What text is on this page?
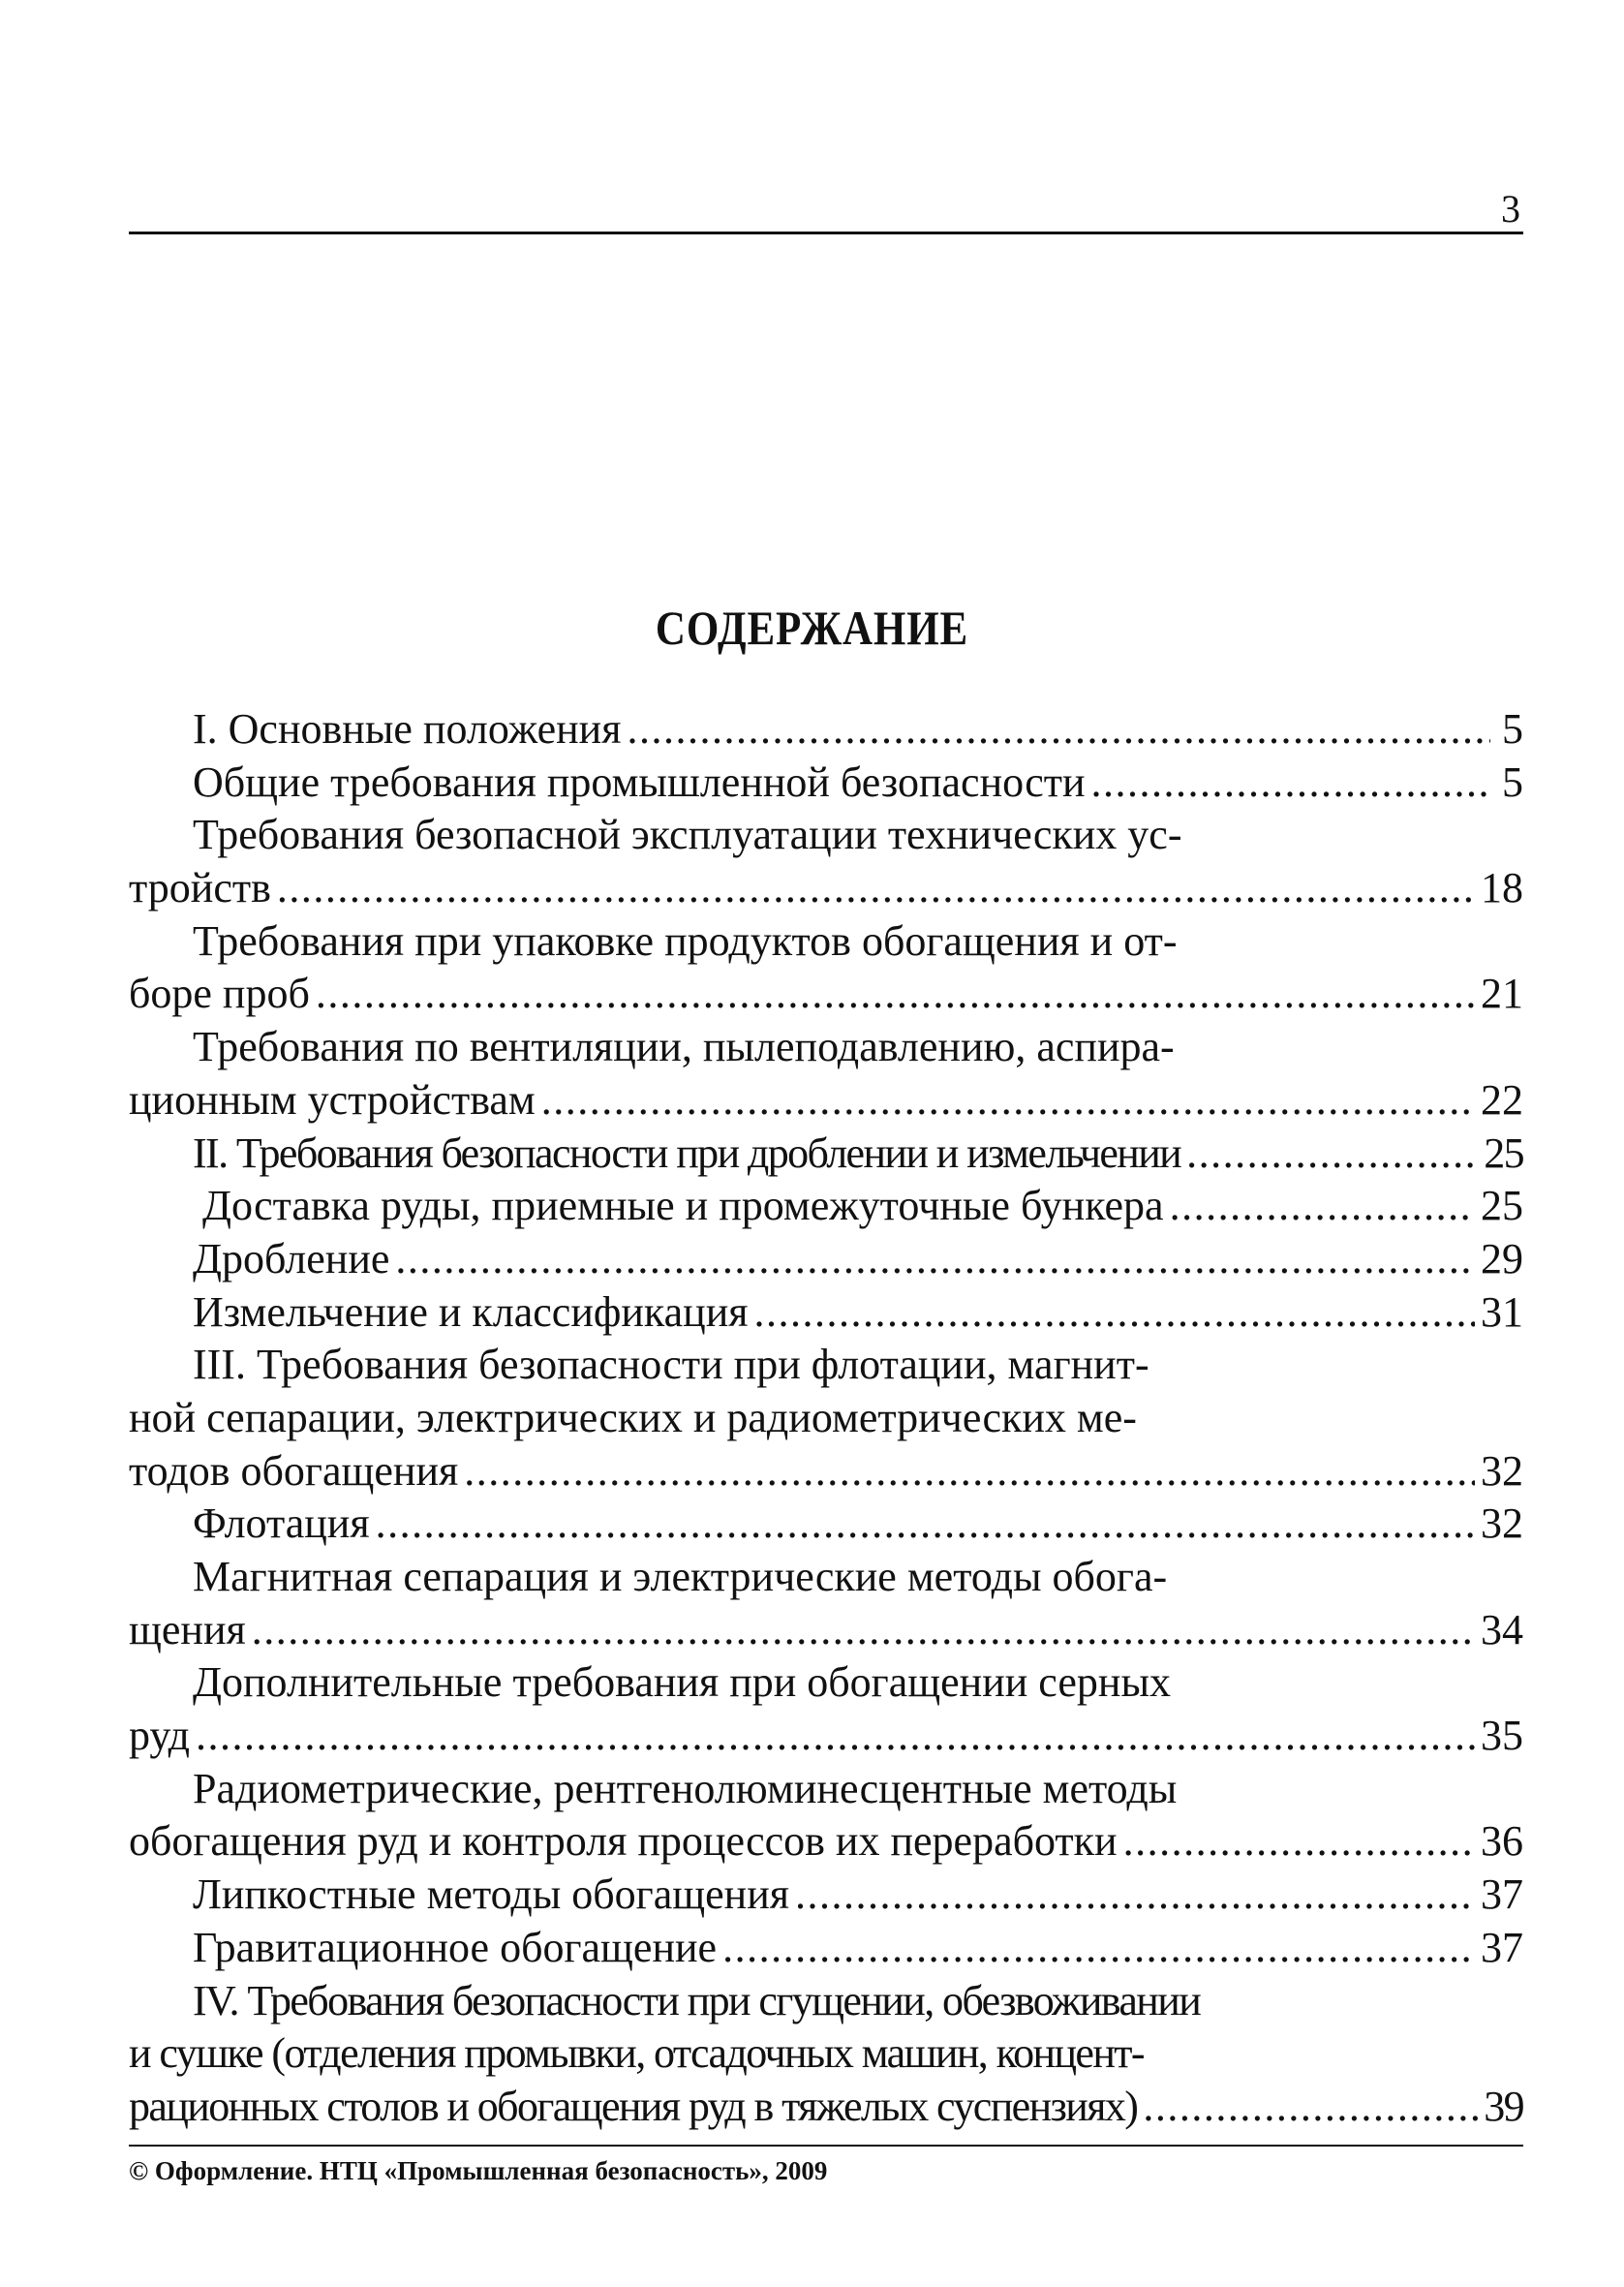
3
СОДЕРЖАНИЕ
I. Основные положения .....	5
Общие требования промышленной безопасности .....	5
Требования безопасной эксплуатации технических ус-
тройств .....	18
Требования при упаковке продуктов обогащения и от-
боре проб .....	21
Требования по вентиляции, пылеподавлению, аспира-
ционным устройствам .....	22
II. Требования безопасности при дроблении и измельчении .....	25
Доставка руды, приемные и промежуточные бункера .....	25
Дробление .....	29
Измельчение и классификация .....	31
III. Требования безопасности при флотации, магнит-
ной сепарации, электрических и радиометрических ме-
тодов обогащения .....	32
Флотация .....	32
Магнитная сепарация и электрические методы обога-
щения .....	34
Дополнительные требования при обогащении серных
руд .....	35
Радиометрические, рентгенолюминесцентные методы
обогащения руд и контроля процессов их переработки .....	36
Липкостные методы обогащения .....	37
Гравитационное обогащение .....	37
IV. Требования безопасности при сгущении, обезвоживании
и сушке (отделения промывки, отсадочных машин, концент-
рационных столов и обогащения руд в тяжелых суспензиях) .....	39
© Оформление. НТЦ «Промышленная безопасность», 2009
